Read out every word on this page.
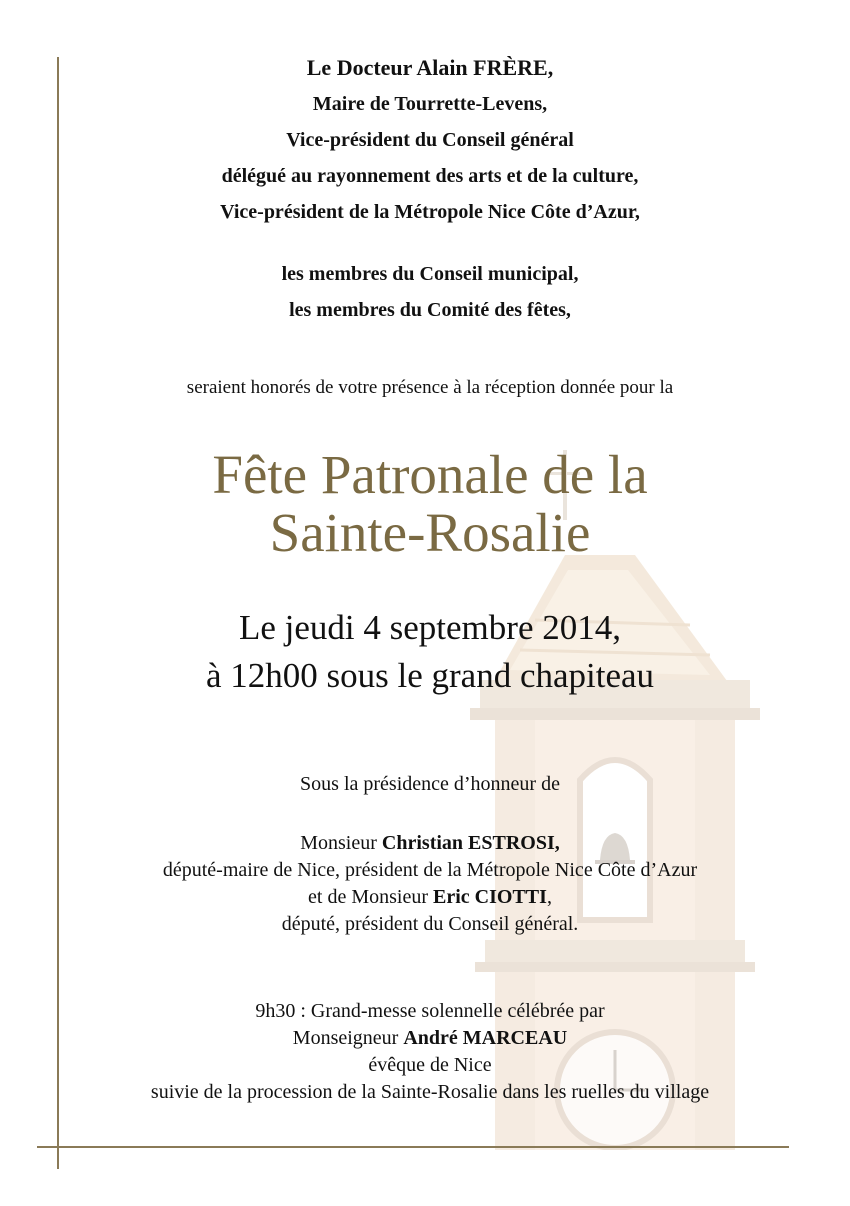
Le Docteur Alain FRÈRE,
Maire de Tourrette-Levens,
Vice-président du Conseil général
délégué au rayonnement des arts et de la culture,
Vice-président de la Métropole Nice Côte d’Azur,
les membres du Conseil municipal,
les membres du Comité des fêtes,
seraient honorés de votre présence à la réception donnée pour la
Fête Patronale de la
Sainte-Rosalie
Le jeudi 4 septembre 2014,
à 12h00 sous le grand chapiteau
Sous la présidence d’honneur de
Monsieur Christian ESTROSI,
député-maire de Nice, président de la Métropole Nice Côte d’Azur
et de Monsieur Eric CIOTTI,
député, président du Conseil général.
9h30 : Grand-messe solennelle célébrée par
Monseigneur André MARCEAU
évêque de Nice
suivie de la procession de la Sainte-Rosalie dans les ruelles du village
